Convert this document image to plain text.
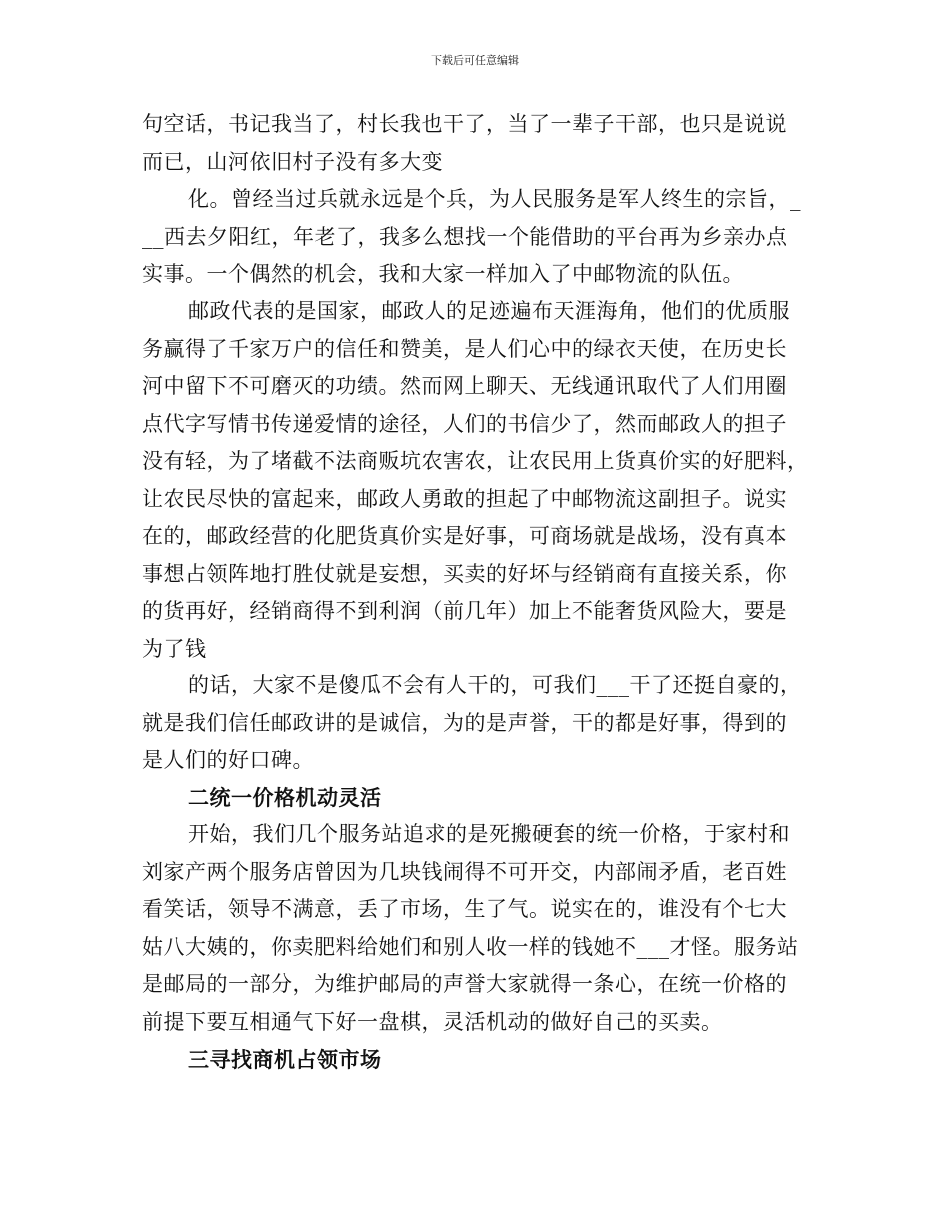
下载后可任意编辑
句空话，书记我当了，村长我也干了，当了一辈子干部，也只是说说
而已，山河依旧村子没有多大变
化。曾经当过兵就永远是个兵，为人民服务是军人终生的宗旨，_
__西去夕阳红，年老了，我多么想找一个能借助的平台再为乡亲办点
实事。一个偶然的机会，我和大家一样加入了中邮物流的队伍。
邮政代表的是国家，邮政人的足迹遍布天涯海角，他们的优质服
务赢得了千家万户的信任和赞美，是人们心中的绿衣天使，在历史长
河中留下不可磨灭的功绩。然而网上聊天、无线通讯取代了人们用圈
点代字写情书传递爱情的途径，人们的书信少了，然而邮政人的担子
没有轻，为了堵截不法商贩坑农害农，让农民用上货真价实的好肥料，
让农民尽快的富起来，邮政人勇敢的担起了中邮物流这副担子。说实
在的，邮政经营的化肥货真价实是好事，可商场就是战场，没有真本
事想占领阵地打胜仗就是妄想，买卖的好坏与经销商有直接关系，你
的货再好，经销商得不到利润（前几年）加上不能奢货风险大，要是
为了钱
的话，大家不是傻瓜不会有人干的，可我们___干了还挺自豪的，
就是我们信任邮政讲的是诚信，为的是声誉，干的都是好事，得到的
是人们的好口碑。
二统一价格机动灵活
开始，我们几个服务站追求的是死搬硬套的统一价格，于家村和
刘家产两个服务店曾因为几块钱闹得不可开交，内部闹矛盾，老百姓
看笑话，领导不满意，丢了市场，生了气。说实在的，谁没有个七大
姑八大姨的，你卖肥料给她们和别人收一样的钱她不___才怪。服务站
是邮局的一部分，为维护邮局的声誉大家就得一条心，在统一价格的
前提下要互相通气下好一盘棋，灵活机动的做好自己的买卖。
三寻找商机占领市场
